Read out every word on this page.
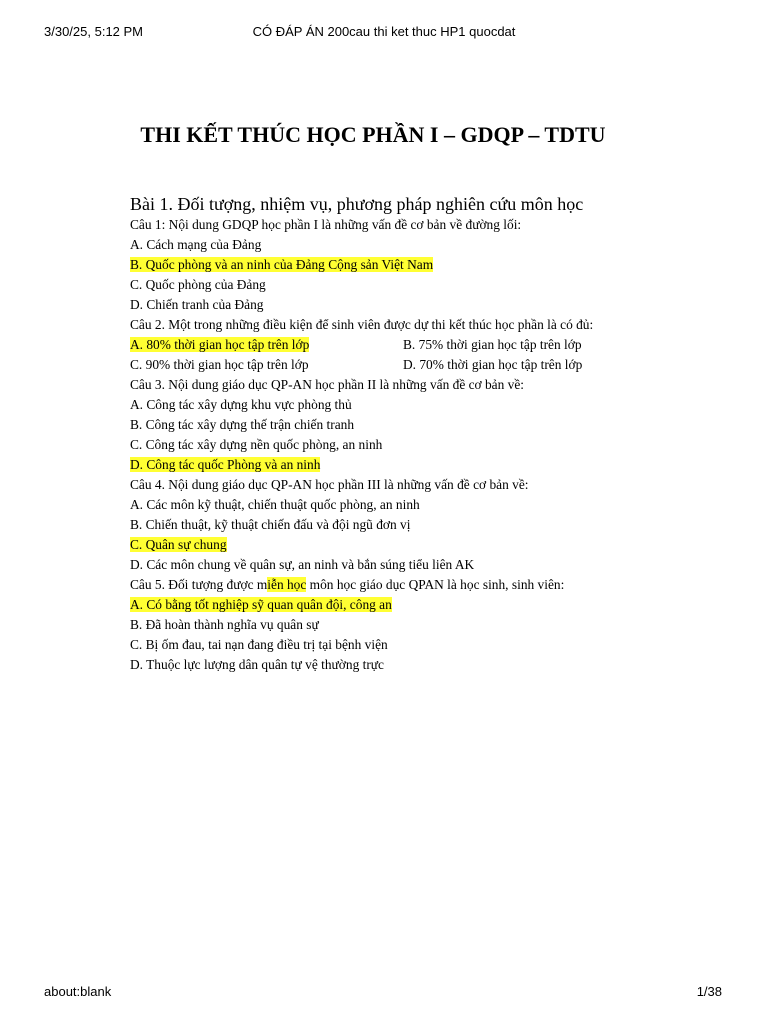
3/30/25, 5:12 PM	CÓ ĐÁP ÁN 200cau thi ket thuc HP1 quocdat
THI KẾT THÚC HỌC PHẦN I – GDQP – TDTU
Bài 1. Đối tượng, nhiệm vụ, phương pháp nghiên cứu môn học
Câu 1: Nội dung GDQP học phần I là những vấn đề cơ bản về đường lối:
A. Cách mạng của Đảng
B. Quốc phòng và an ninh của Đảng Cộng sản Việt Nam
C. Quốc phòng của Đảng
D. Chiến tranh của Đảng
Câu 2. Một trong những điều kiện để sinh viên được dự thi kết thúc học phần là có đủ:
A. 80% thời gian học tập trên lớp	B. 75% thời gian học tập trên lớp
C. 90% thời gian học tập trên lớp	D. 70% thời gian học tập trên lớp
Câu 3. Nội dung giáo dục QP-AN học phần II là những vấn đề cơ bản về:
A. Công tác xây dựng khu vực phòng thủ
B. Công tác xây dựng thế trận chiến tranh
C. Công tác xây dựng nền quốc phòng, an ninh
D. Công tác quốc Phòng và an ninh
Câu 4. Nội dung giáo dục QP-AN học phần III là những vấn đề cơ bản về:
A. Các môn kỹ thuật, chiến thuật quốc phòng, an ninh
B. Chiến thuật, kỹ thuật chiến đấu và đội ngũ đơn vị
C. Quân sự chung
D. Các môn chung về quân sự, an ninh và bắn súng tiểu liên AK
Câu 5. Đối tượng được miễn học môn học giáo dục QPAN là học sinh, sinh viên:
A. Có bằng tốt nghiệp sỹ quan quân đội, công an
B. Đã hoàn thành nghĩa vụ quân sự
C. Bị ốm đau, tai nạn đang điều trị tại bệnh viện
D. Thuộc lực lượng dân quân tự vệ thường trực
about:blank	1/38
